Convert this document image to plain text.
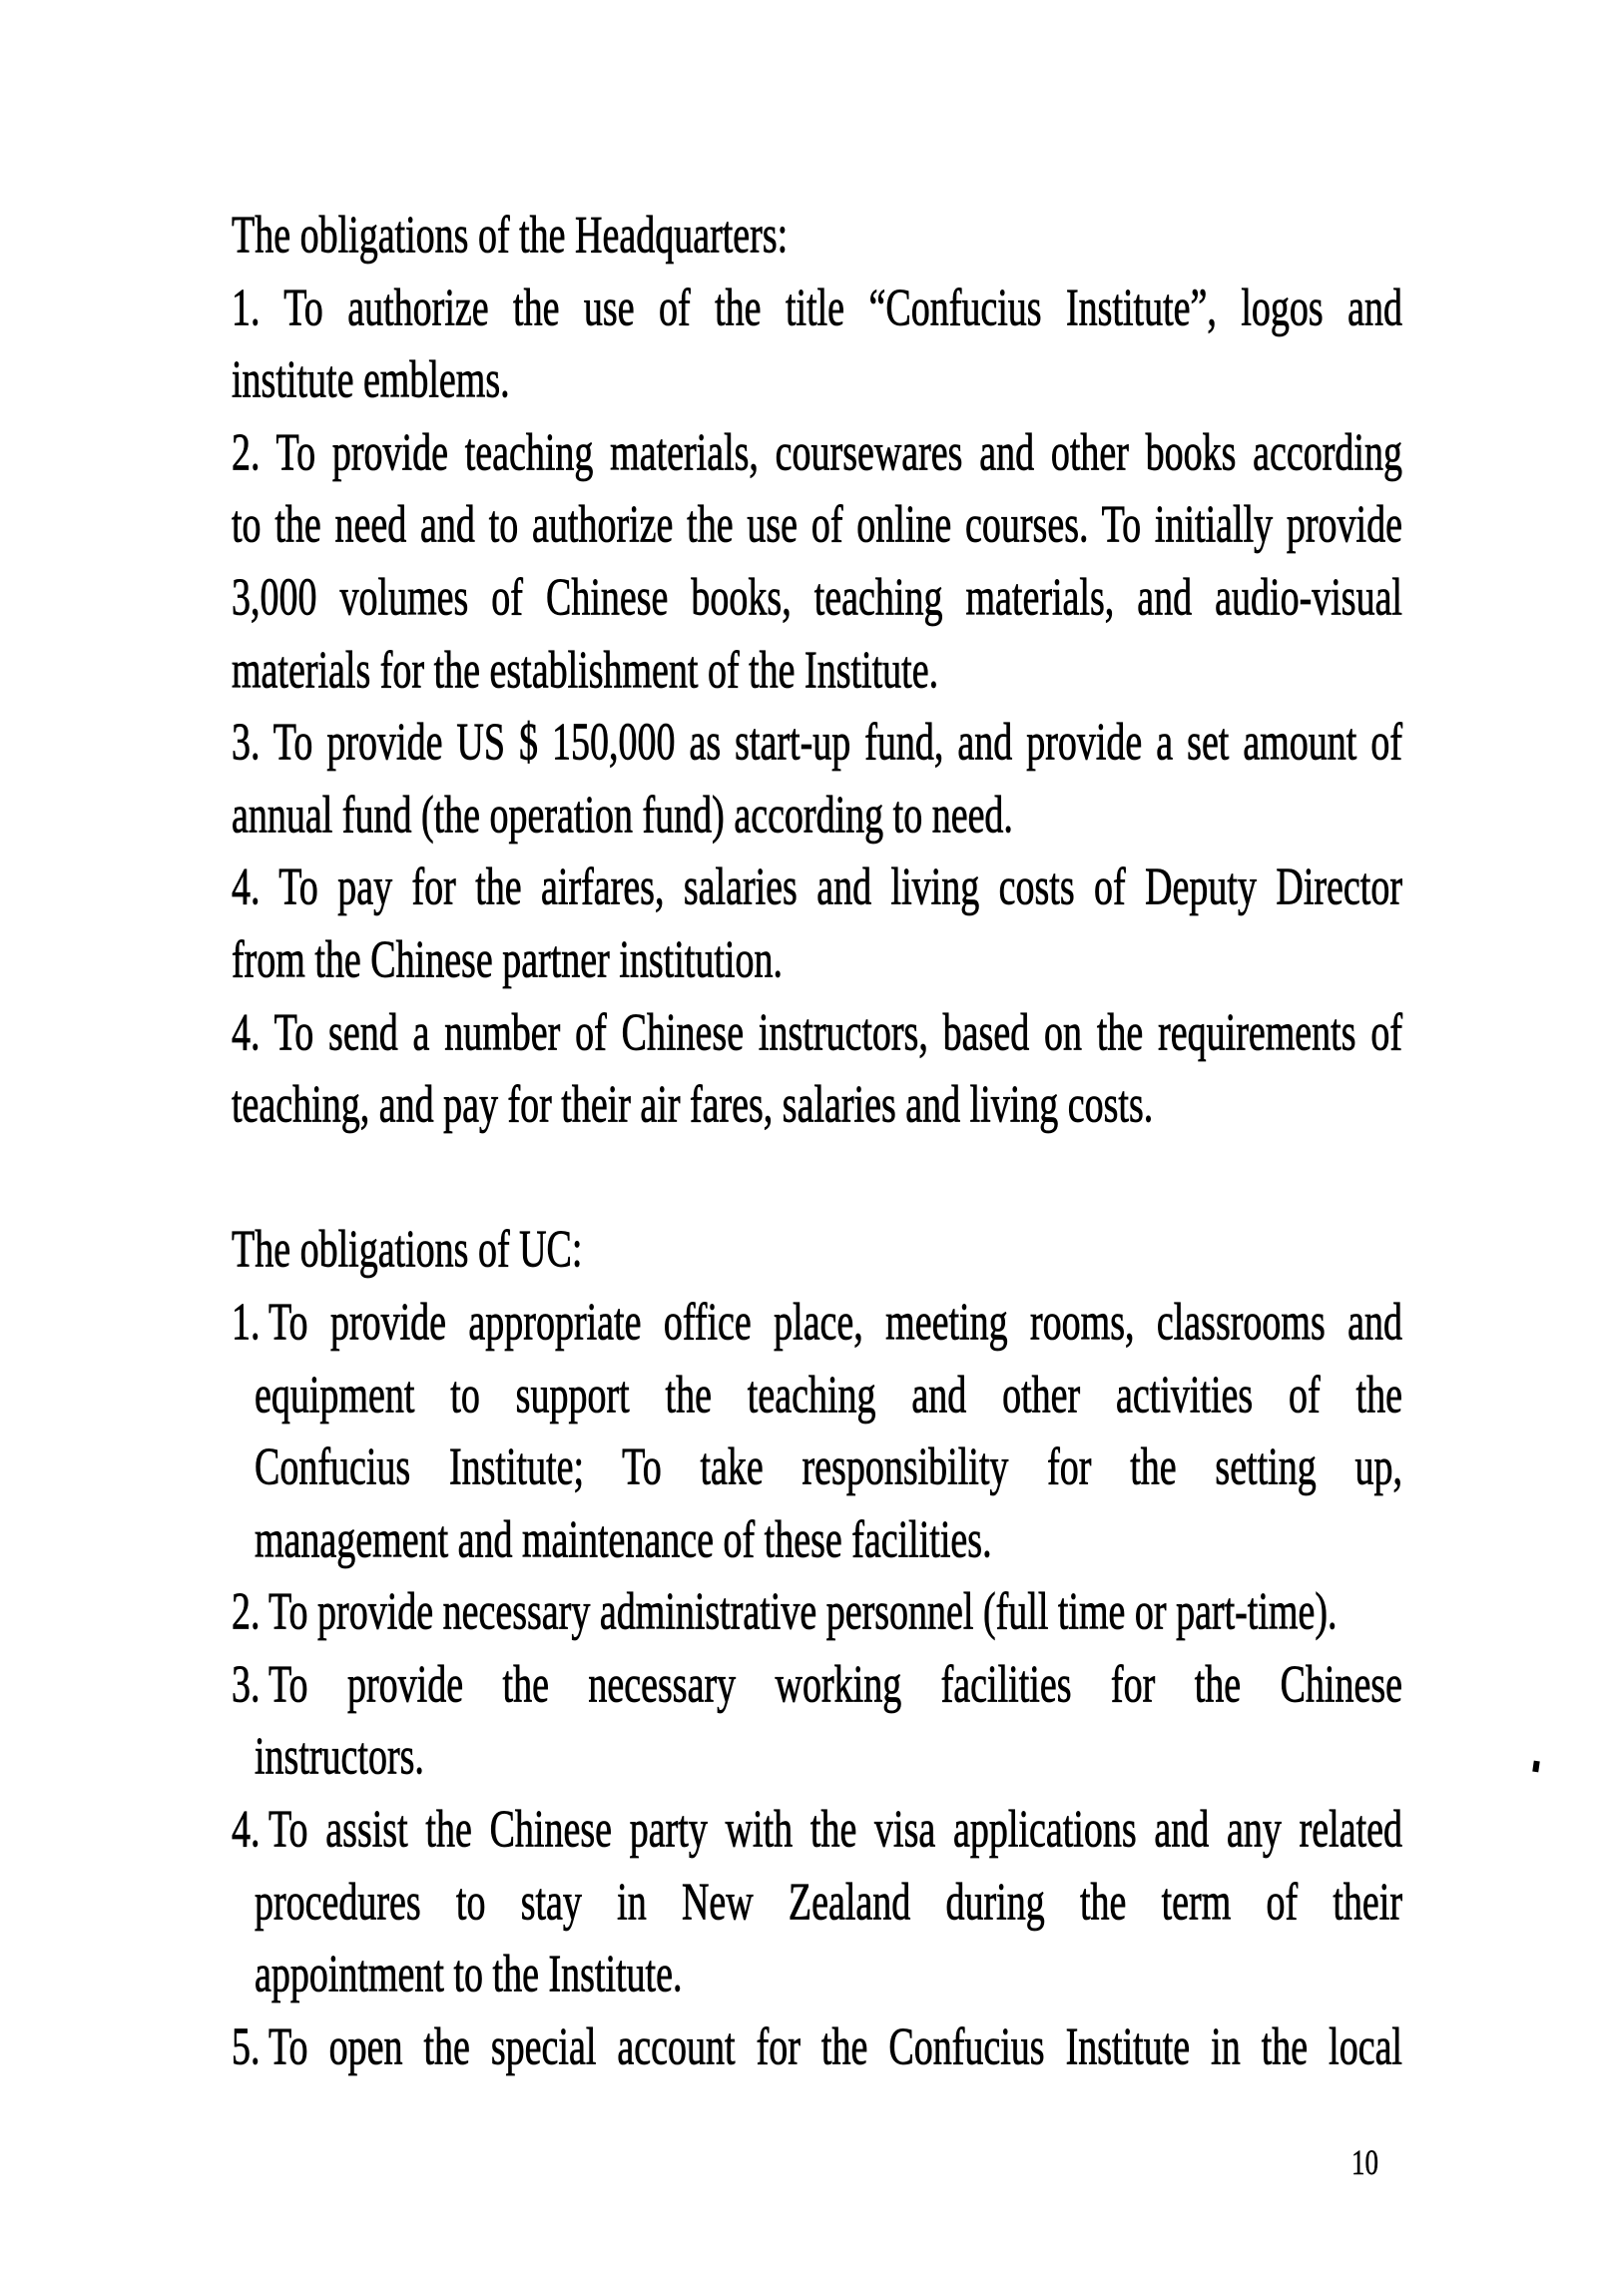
The obligations of the Headquarters:
1. To authorize the use of the title “Confucius Institute”, logos and
institute emblems.
2. To provide teaching materials, coursewares and other books according
to the need and to authorize the use of online courses. To initially provide
3,000 volumes of Chinese books, teaching materials, and audio-visual
materials for the establishment of the Institute.
3. To provide US $ 150,000 as start-up fund, and provide a set amount of
annual fund (the operation fund) according to need.
4. To pay for the airfares, salaries and living costs of Deputy Director
from the Chinese partner institution.
4. To send a number of Chinese instructors, based on the requirements of
teaching, and pay for their air fares, salaries and living costs.
The obligations of UC:
1. To provide appropriate office place, meeting rooms, classrooms and
equipment to support the teaching and other activities of the
Confucius Institute; To take responsibility for the setting up,
management and maintenance of these facilities.
2. To provide necessary administrative personnel (full time or part-time).
3. To provide the necessary working facilities for the Chinese
instructors.
4. To assist the Chinese party with the visa applications and any related
procedures to stay in New Zealand during the term of their
appointment to the Institute.
5. To open the special account for the Confucius Institute in the local
10
